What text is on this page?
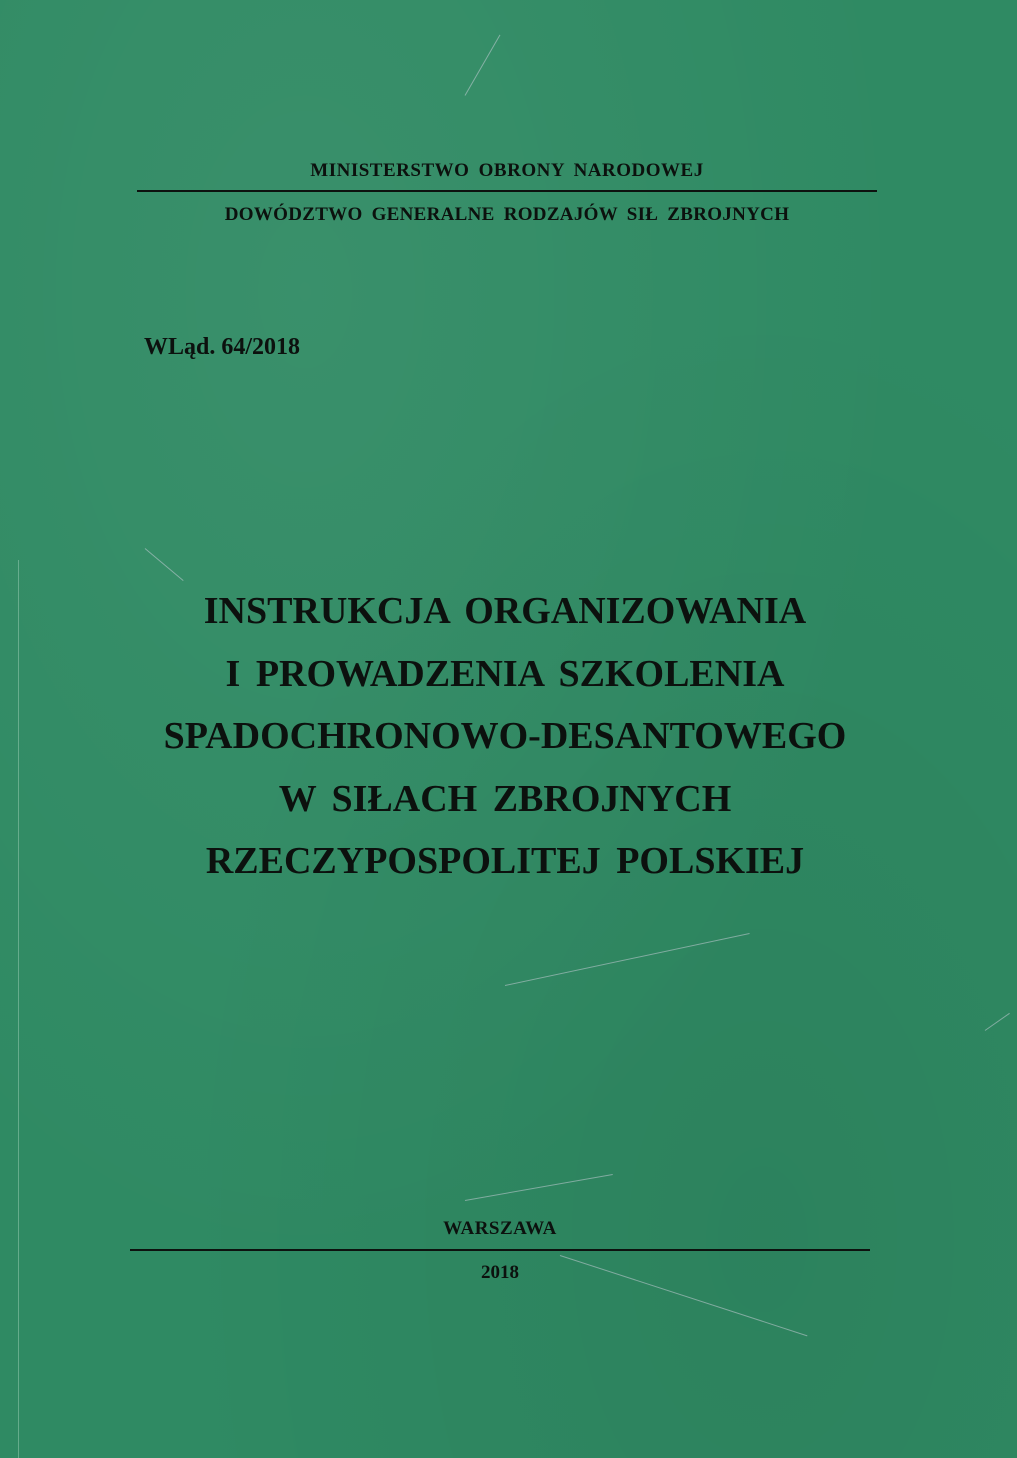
MINISTERSTWO OBRONY NARODOWEJ
DOWÓDZTWO GENERALNE RODZAJÓW SIŁ ZBROJNYCH
WLąd. 64/2018
INSTRUKCJA ORGANIZOWANIA
I PROWADZENIA SZKOLENIA
SPADOCHRONOWO-DESANTOWEGO
W SIŁACH ZBROJNYCH
RZECZYPOSPOLITEJ POLSKIEJ
WARSZAWA
2018
